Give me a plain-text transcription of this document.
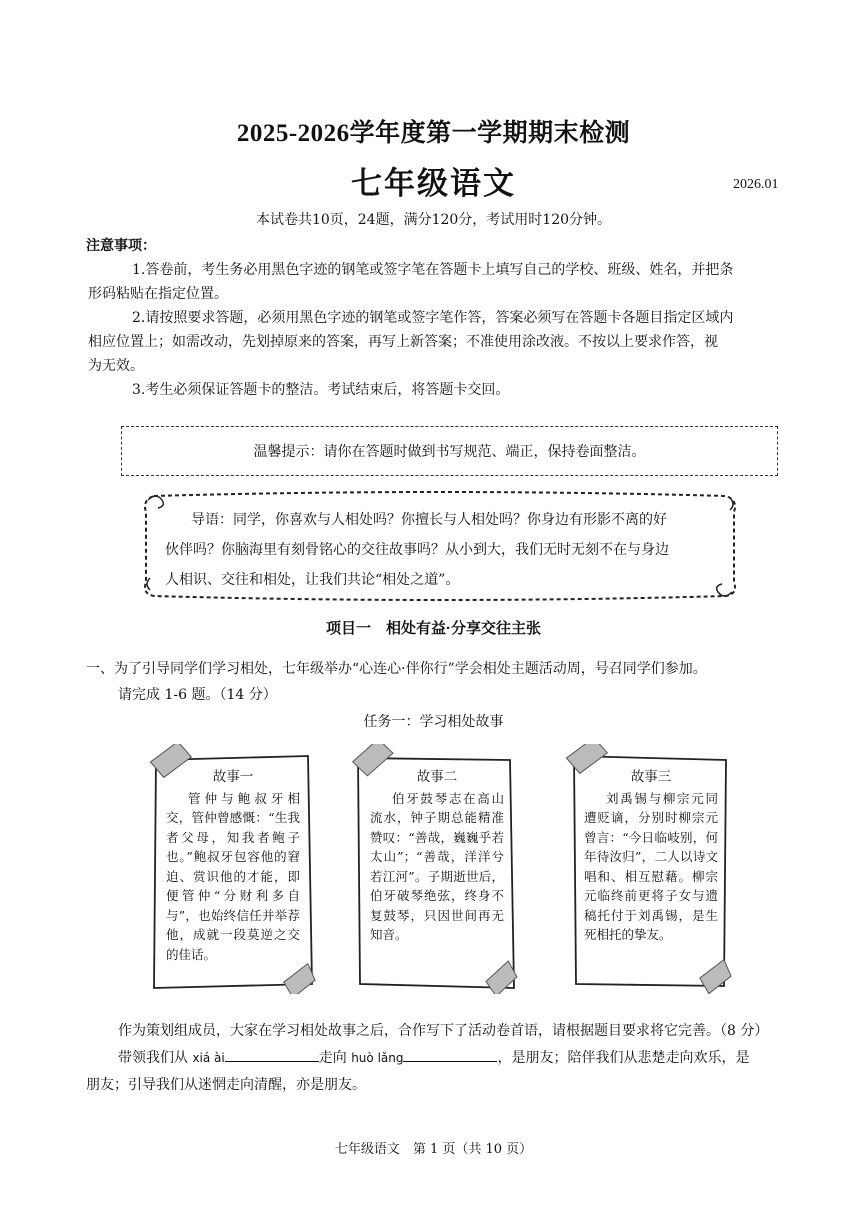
2025-2026学年度第一学期期末检测
七年级语文	2026.01
本试卷共10页，24题，满分120分，考试用时120分钟。
注意事项：

1.答卷前，考生务必用黑色字迹的钢笔或签字笔在答题卡上填写自己的学校、班级、姓名，并把条

形码粘贴在指定位置。

2.请按照要求答题，必须用黑色字迹的钢笔或签字笔作答，答案必须写在答题卡各题目指定区域内

相应位置上；如需改动，先划掉原来的答案，再写上新答案；不准使用涂改液。不按以上要求作答，视

为无效。

3.考生必须保证答题卡的整洁。考试结束后，将答题卡交回。

温馨提示：请你在答题时做到书写规范、端正，保持卷面整洁。

导语：同学，你喜欢与人相处吗？你擅长与人相处吗？你身边有形影不离的好

伙伴吗？你脑海里有刻骨铭心的交往故事吗？从小到大，我们无时无刻不在与身边
人相识、交往和相处，让我们共论“相处之道”。
项目一　相处有益·分享交往主张
一、为了引导同学们学习相处，七年级举办“心连心·伴你行”学会相处主题活动周，号召同学们参加。
请完成 1-6 题。（14 分）
任务一：学习相处故事
故事一
管仲与鲍叔牙相交，管仲曾感慨：“生我者父母，知我者鲍子也。”鲍叔牙包容他的窘迫、赏识他的才能，即便管仲“分财利多自与”，也始终信任并举荐他，成就一段莫逆之交的佳话。
故事二
伯牙鼓琴志在高山流水，钟子期总能精准赞叹：“善哉，巍巍乎若太山”；“善哉，洋洋兮若江河”。子期逝世后，伯牙破琴绝弦，终身不复鼓琴，只因世间再无知音。
故事三
刘禹锡与柳宗元同遭贬谪，分别时柳宗元曾言：“今日临岐别，何年待汝归”，二人以诗文唱和、相互慰藉。柳宗元临终前更将子女与遗稿托付于刘禹锡，是生死相托的挚友。
作为策划组成员，大家在学习相处故事之后，合作写下了活动卷首语，请根据题目要求将它完善。（8 分）
带领我们从 xiá ài	走向 huò lǎng	，是朋友；陪伴我们从悲楚走向欢乐，是
朋友；引导我们从迷惘走向清醒，亦是朋友。
七年级语文　第 1 页（共 10 页）
